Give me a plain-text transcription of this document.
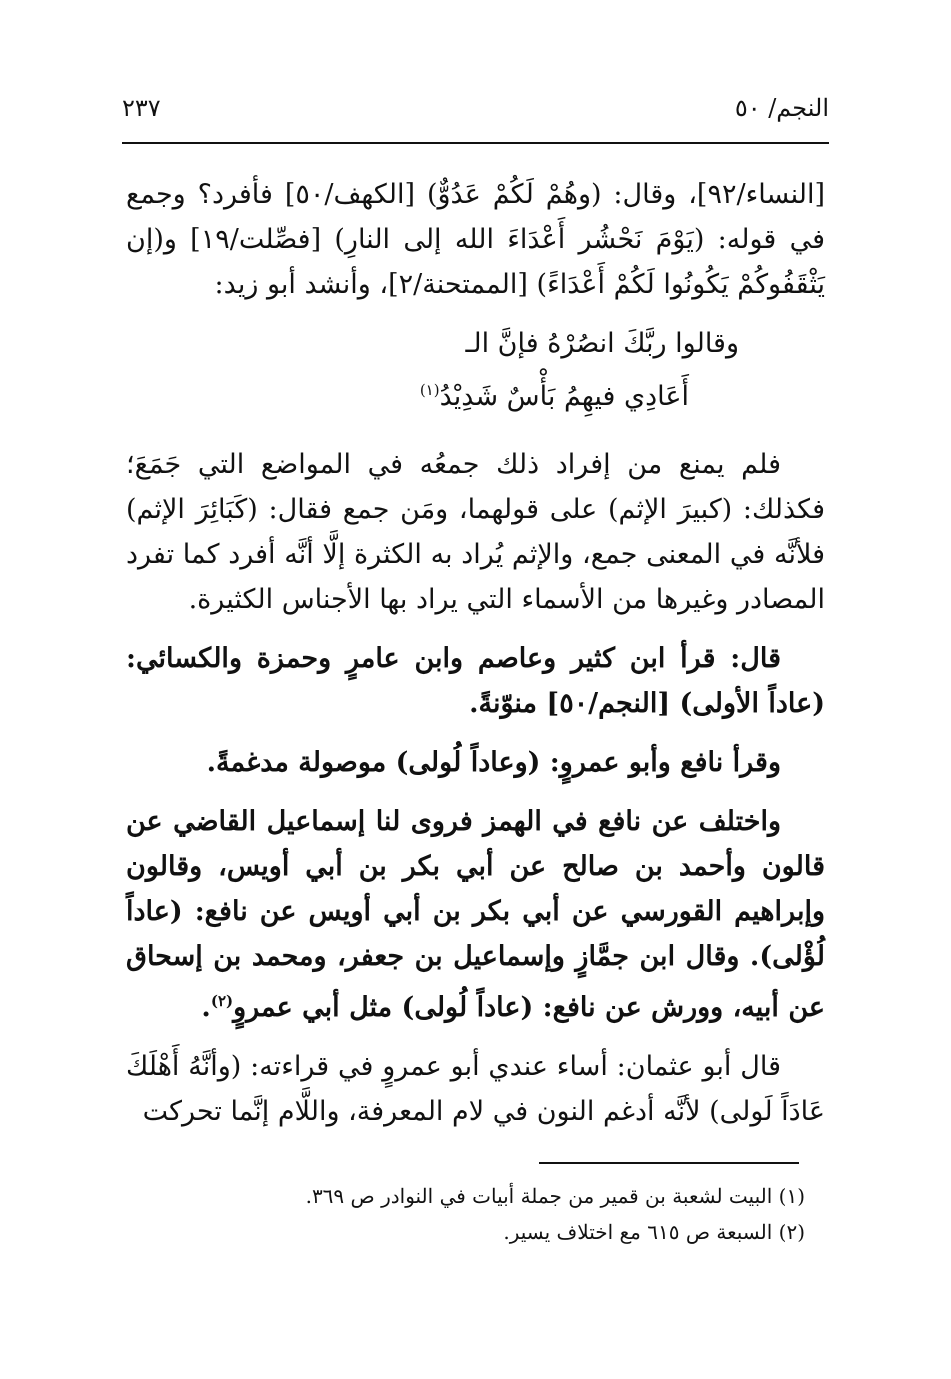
النجم/ ٥٠
٢٣٧

[النساء/٩٢]، وقال: (وهُمْ لَكُمْ عَدُوٌّ) [الكهف/٥٠] فأفرد؟ وجمع في قوله: (يَوْمَ نَحْشُر أَعْدَاءَ الله إلى النارِ) [فصِّلت/١٩] و(إن يَثْقَفُوكُمْ يَكُونُوا لَكُمْ أَعْدَاءً) [الممتحنة/٢]، وأنشد أبو زيد:

وقالوا ربَّكَ انصُرْهُ فإنَّ الـ
أَعَادِي فيهِمُ بَأْسٌ شَدِيْدُ$^{(١)}$

فلم يمنع من إفراد ذلك جمعُه في المواضع التي جَمَعَ؛ فكذلك: (كبيرَ الإثم) على قولهما، ومَن جمع فقال: (كَبَائِرَ الإثم) فلأنَّه في المعنى جمع، والإثم يُراد به الكثرة إلَّا أنَّه أفرد كما تفرد المصادر وغيرها من الأسماء التي يراد بها الأجناس الكثيرة.

قال: قرأ ابن كثير وعاصم وابن عامرٍ وحمزة والكسائي: (عاداً الأولى) [النجم/٥٠] منوّنةً.

وقرأ نافع وأبو عمروٍ: (وعاداً لُولى) موصولة مدغمةً.

واختلف عن نافع في الهمز فروى لنا إسماعيل القاضي عن قالون وأحمد بن صالح عن أبي بكر بن أبي أويس، وقالون وإبراهيم القورسي عن أبي بكر بن أبي أويس عن نافع: (عاداً لُؤْلى). وقال ابن جمَّازٍ وإسماعيل بن جعفر، ومحمد بن إسحاق عن أبيه، وورش عن نافع: (عاداً لُولى) مثل أبي عمروٍ$^{(٢)}$.

قال أبو عثمان: أساء عندي أبو عمروٍ في قراءته: (وأنَّهُ أَهْلَكَ عَادَاً لَولى) لأنَّه أدغم النون في لام المعرفة، واللَّام إنَّما تحركت

(١) البيت لشعبة بن قمير من جملة أبيات في النوادر ص ٣٦٩.

(٢) السبعة ص ٦١٥ مع اختلاف يسير.
